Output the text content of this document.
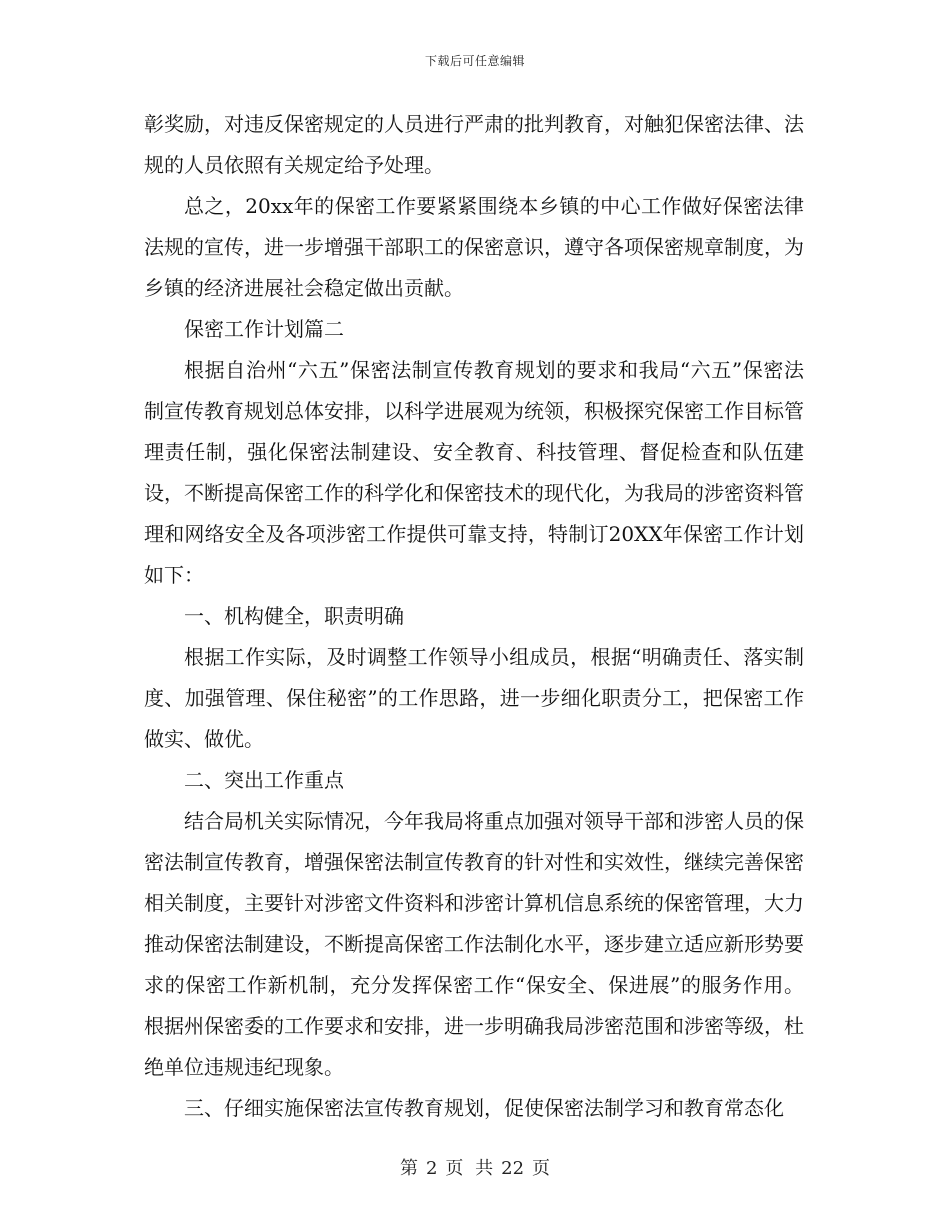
下载后可任意编辑

彰奖励，对违反保密规定的人员进行严肃的批判教育，对触犯保密法律、法规的人员依照有关规定给予处理。

总之，20xx年的保密工作要紧紧围绕本乡镇的中心工作做好保密法律法规的宣传，进一步增强干部职工的保密意识，遵守各项保密规章制度，为乡镇的经济进展社会稳定做出贡献。

保密工作计划篇二

根据自治州“六五”保密法制宣传教育规划的要求和我局“六五”保密法制宣传教育规划总体安排，以科学进展观为统领，积极探究保密工作目标管理责任制，强化保密法制建设、安全教育、科技管理、督促检查和队伍建设，不断提高保密工作的科学化和保密技术的现代化，为我局的涉密资料管理和网络安全及各项涉密工作提供可靠支持，特制订20XX年保密工作计划如下：

一、机构健全，职责明确

根据工作实际，及时调整工作领导小组成员，根据“明确责任、落实制度、加强管理、保住秘密”的工作思路，进一步细化职责分工，把保密工作做实、做优。

二、突出工作重点

结合局机关实际情况，今年我局将重点加强对领导干部和涉密人员的保密法制宣传教育，增强保密法制宣传教育的针对性和实效性，继续完善保密相关制度，主要针对涉密文件资料和涉密计算机信息系统的保密管理，大力推动保密法制建设，不断提高保密工作法制化水平，逐步建立适应新形势要求的保密工作新机制，充分发挥保密工作“保安全、保进展”的服务作用。根据州保密委的工作要求和安排，进一步明确我局涉密范围和涉密等级，杜绝单位违规违纪现象。

三、仔细实施保密法宣传教育规划，促使保密法制学习和教育常态化

第 2 页 共 22 页
